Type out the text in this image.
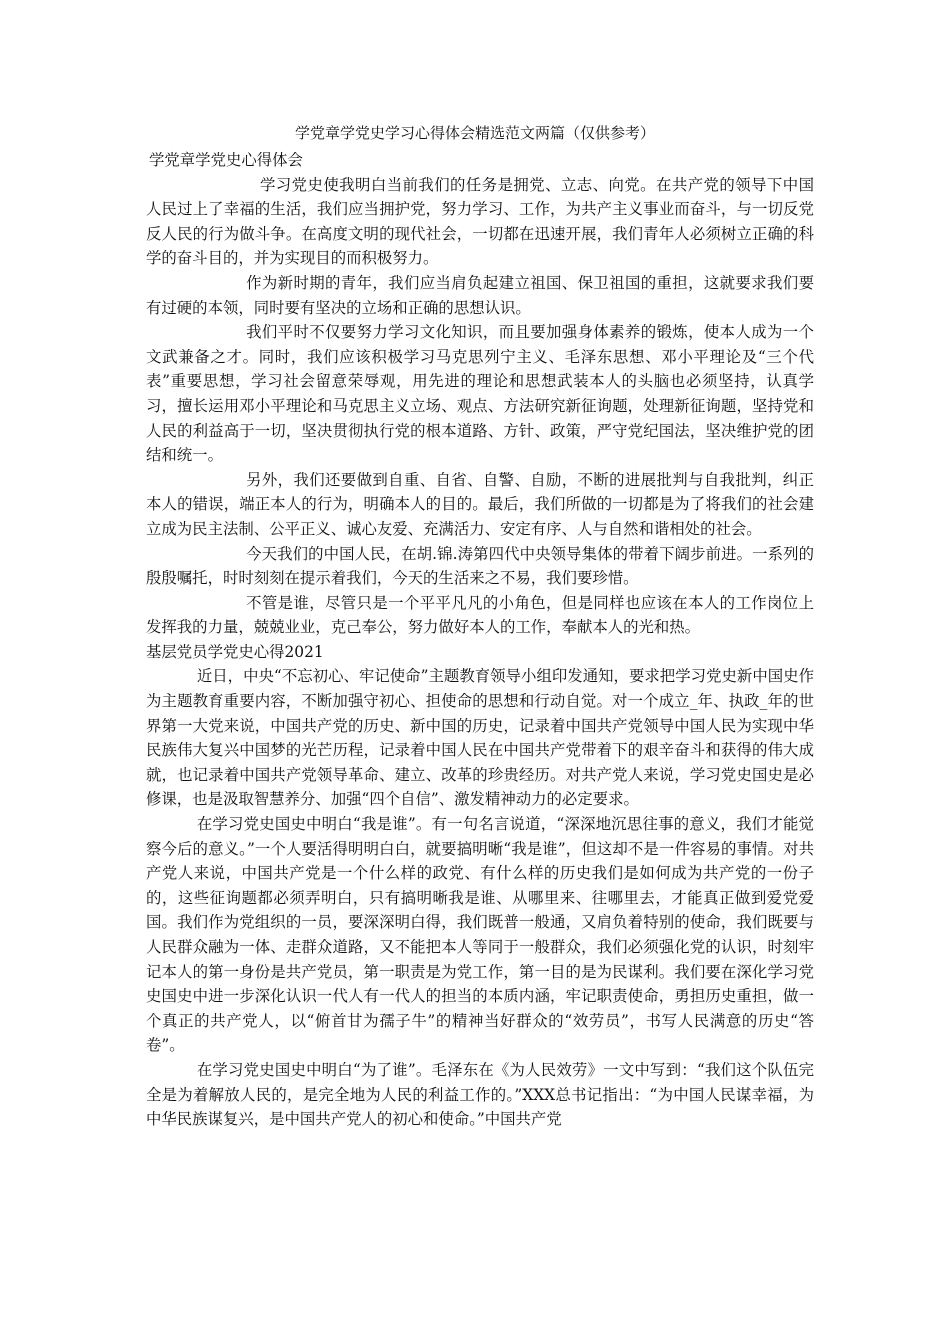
学党章学党史学习心得体会精选范文两篇（仅供参考）
学党章学党史心得体会

学习党史使我明白当前我们的任务是拥党、立志、向党。在共产党的领导下中国人民过上了幸福的生活，我们应当拥护党，努力学习、工作，为共产主义事业而奋斗，与一切反党反人民的行为做斗争。在高度文明的现代社会，一切都在迅速开展，我们青年人必须树立正确的科学的奋斗目的，并为实现目的而积极努力。

作为新时期的青年，我们应当肩负起建立祖国、保卫祖国的重担，这就要求我们要有过硬的本领，同时要有坚决的立场和正确的思想认识。

我们平时不仅要努力学习文化知识，而且要加强身体素养的锻炼，使本人成为一个文武兼备之才。同时，我们应该积极学习马克思列宁主义、毛泽东思想、邓小平理论及“三个代表”重要思想，学习社会留意荣辱观，用先进的理论和思想武装本人的头脑也必须坚持，认真学习，擅长运用邓小平理论和马克思主义立场、观点、方法研究新征询题，处理新征询题，坚持党和人民的利益高于一切，坚决贯彻执行党的根本道路、方针、政策，严守党纪国法，坚决维护党的团结和统一。

另外，我们还要做到自重、自省、自警、自励，不断的进展批判与自我批判，纠正本人的错误，端正本人的行为，明确本人的目的。最后，我们所做的一切都是为了将我们的社会建立成为民主法制、公平正义、诚心友爱、充满活力、安定有序、人与自然和谐相处的社会。

今天我们的中国人民，在胡.锦.涛第四代中央领导集体的带着下阔步前进。一系列的殷殷嘱托，时时刻刻在提示着我们，今天的生活来之不易，我们要珍惜。

不管是谁，尽管只是一个平平凡凡的小角色，但是同样也应该在本人的工作岗位上发挥我的力量，兢兢业业，克己奉公，努力做好本人的工作，奉献本人的光和热。

基层党员学党史心得2021

近日，中央“不忘初心、牢记使命”主题教育领导小组印发通知，要求把学习党史新中国史作为主题教育重要内容，不断加强守初心、担使命的思想和行动自觉。对一个成立_年、执政_年的世界第一大党来说，中国共产党的历史、新中国的历史，记录着中国共产党领导中国人民为实现中华民族伟大复兴中国梦的光芒历程，记录着中国人民在中国共产党带着下的艰辛奋斗和获得的伟大成就，也记录着中国共产党领导革命、建立、改革的珍贵经历。对共产党人来说，学习党史国史是必修课，也是汲取智慧养分、加强“四个自信”、激发精神动力的必定要求。

在学习党史国史中明白“我是谁”。有一句名言说道，“深深地沉思往事的意义，我们才能觉察今后的意义。”一个人要活得明明白白，就要搞明晰“我是谁”，但这却不是一件容易的事情。对共产党人来说，中国共产党是一个什么样的政党、有什么样的历史我们是如何成为共产党的一份子的，这些征询题都必须弄明白，只有搞明晰我是谁、从哪里来、往哪里去，才能真正做到爱党爱国。我们作为党组织的一员，要深深明白得，我们既普一般通，又肩负着特别的使命，我们既要与人民群众融为一体、走群众道路，又不能把本人等同于一般群众，我们必须强化党的认识，时刻牢记本人的第一身份是共产党员，第一职责是为党工作，第一目的是为民谋利。我们要在深化学习党史国史中进一步深化认识一代人有一代人的担当的本质内涵，牢记职责使命，勇担历史重担，做一个真正的共产党人，以“俯首甘为孺子牛”的精神当好群众的“效劳员”，书写人民满意的历史“答卷”。

在学习党史国史中明白“为了谁”。毛泽东在《为人民效劳》一文中写到：“我们这个队伍完全是为着解放人民的，是完全地为人民的利益工作的。”XXX总书记指出：“为中国人民谋幸福，为中华民族谋复兴，是中国共产党人的初心和使命。”中国共产党
